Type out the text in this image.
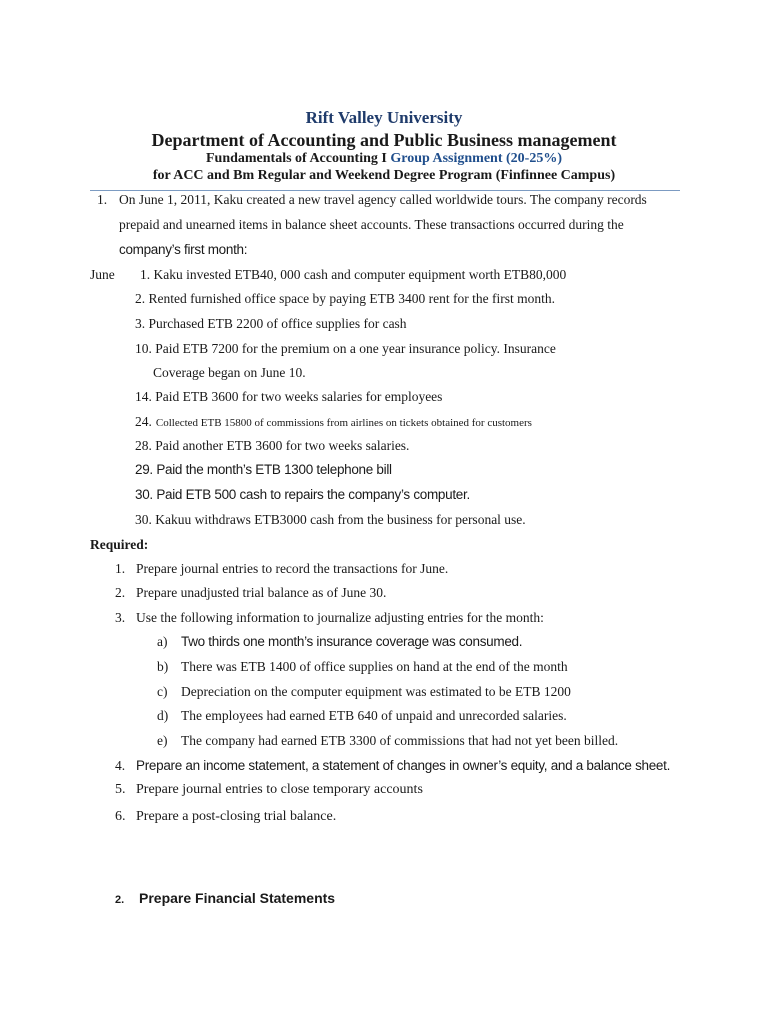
Rift Valley University
Department of Accounting and Public Business management
Fundamentals of Accounting I Group Assignment (20-25%)
for ACC and Bm Regular and Weekend Degree Program (Finfinnee Campus)
1. On June 1, 2011, Kaku created a new travel agency called worldwide tours. The company records
prepaid and unearned items in balance sheet accounts. These transactions occurred during the
company’s first month:
June 1. Kaku invested ETB40, 000 cash and computer equipment worth ETB80,000
2. Rented furnished office space by paying ETB 3400 rent for the first month.
3. Purchased ETB 2200 of office supplies for cash
10. Paid ETB 7200 for the premium on a one year insurance policy. Insurance
Coverage began on June 10.
14. Paid ETB 3600 for two weeks salaries for employees
24. Collected ETB 15800 of commissions from airlines on tickets obtained for customers
28. Paid another ETB 3600 for two weeks salaries.
29. Paid the month’s ETB 1300 telephone bill
30. Paid ETB 500 cash to repairs the company’s computer.
30. Kakuu withdraws ETB3000 cash from the business for personal use.
Required:
1. Prepare journal entries to record the transactions for June.
2. Prepare unadjusted trial balance as of June 30.
3. Use the following information to journalize adjusting entries for the month:
a) Two thirds one month’s insurance coverage was consumed.
b) There was ETB 1400 of office supplies on hand at the end of the month
c) Depreciation on the computer equipment was estimated to be ETB 1200
d) The employees had earned ETB 640 of unpaid and unrecorded salaries.
e) The company had earned ETB 3300 of commissions that had not yet been billed.
4. Prepare an income statement, a statement of changes in owner’s equity, and a balance sheet.
5. Prepare journal entries to close temporary accounts
6. Prepare a post-closing trial balance.
2. Prepare Financial Statements
